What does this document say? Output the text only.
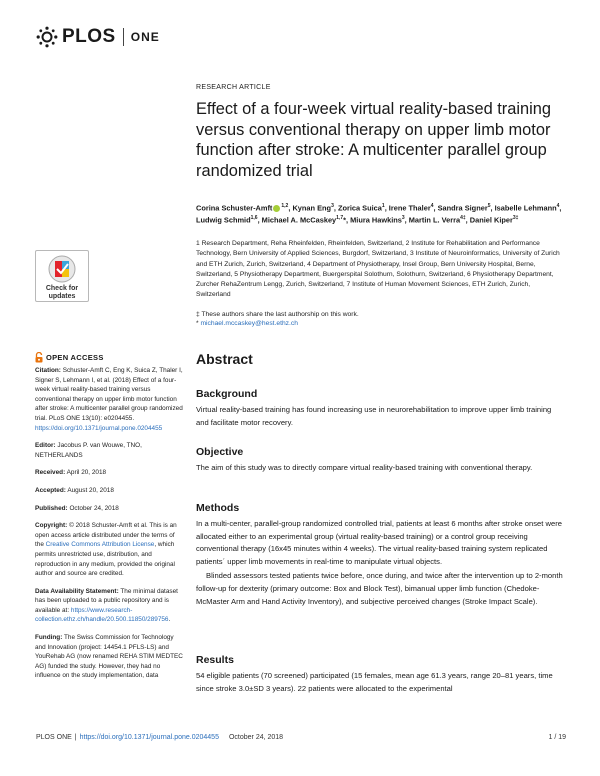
PLOS ONE
RESEARCH ARTICLE
Effect of a four-week virtual reality-based training versus conventional therapy on upper limb motor function after stroke: A multicenter parallel group randomized trial
Corina Schuster-Amft $^{1,2}$, Kynan Eng$^3$, Zorica Suica$^1$, Irene Thaler$^4$, Sandra Signer$^5$, Isabelle Lehmann$^4$, Ludwig Schmid$^{1,6}$, Michael A. McCaskey$^{1,7}$*, Miura Hawkins$^3$, Martin L. Verra$^{4\ddagger}$, Daniel Kiper$^{3\ddagger}$
1 Research Department, Reha Rheinfelden, Rheinfelden, Switzerland, 2 Institute for Rehabilitation and Performance Technology, Bern University of Applied Sciences, Burgdorf, Switzerland, 3 Institute of Neuroinformatics, University of Zurich and ETH Zurich, Zurich, Switzerland, 4 Department of Physiotherapy, Insel Group, Bern University Hospital, Berne, Switzerland, 5 Physiotherapy Department, Buergerspital Solothurn, Solothurn, Switzerland, 6 Physiotherapy Department, Zurcher RehaZentrum Lengg, Zurich, Switzerland, 7 Institute of Human Movement Sciences, ETH Zurich, Zurich, Switzerland
‡ These authors share the last authorship on this work.
* michael.mccaskey@hest.ethz.ch
Check for updates
OPEN ACCESS
Citation: Schuster-Amft C, Eng K, Suica Z, Thaler I, Signer S, Lehmann I, et al. (2018) Effect of a four-week virtual reality-based training versus conventional therapy on upper limb motor function after stroke: A multicenter parallel group randomized trial. PLoS ONE 13(10): e0204455. https://doi.org/10.1371/journal.pone.0204455
Editor: Jacobus P. van Wouwe, TNO, NETHERLANDS
Received: April 20, 2018
Accepted: August 20, 2018
Published: October 24, 2018
Copyright: © 2018 Schuster-Amft et al. This is an open access article distributed under the terms of the Creative Commons Attribution License, which permits unrestricted use, distribution, and reproduction in any medium, provided the original author and source are credited.
Data Availability Statement: The minimal dataset has been uploaded to a public repository and is available at: https://www.research-collection.ethz.ch/handle/20.500.11850/289756.
Funding: The Swiss Commission for Technology and Innovation (project: 14454.1 PFLS-LS) and YouRehab AG (now renamed REHA STIM MEDTEC AG) funded the study. However, they had no influence on the study implementation, data
Abstract
Background

Virtual reality-based training has found increasing use in neurorehabilitation to improve upper limb training and facilitate motor recovery.

Objective

The aim of this study was to directly compare virtual reality-based training with conventional therapy.

Methods

In a multi-center, parallel-group randomized controlled trial, patients at least 6 months after stroke onset were allocated either to an experimental group (virtual reality-based training) or a control group receiving conventional therapy (16x45 minutes within 4 weeks). The virtual reality-based training system replicated patients´ upper limb movements in real-time to manipulate virtual objects.

Blinded assessors tested patients twice before, once during, and twice after the intervention up to 2-month follow-up for dexterity (primary outcome: Box and Block Test), bimanual upper limb function (Chedoke-McMaster Arm and Hand Activity Inventory), and subjective perceived changes (Stroke Impact Scale).

Results

54 eligible patients (70 screened) participated (15 females, mean age 61.3 years, range 20–81 years, time since stroke 3.0±SD 3 years). 22 patients were allocated to the experimental

PLOS ONE | https://doi.org/10.1371/journal.pone.0204455 October 24, 2018	1 / 19
